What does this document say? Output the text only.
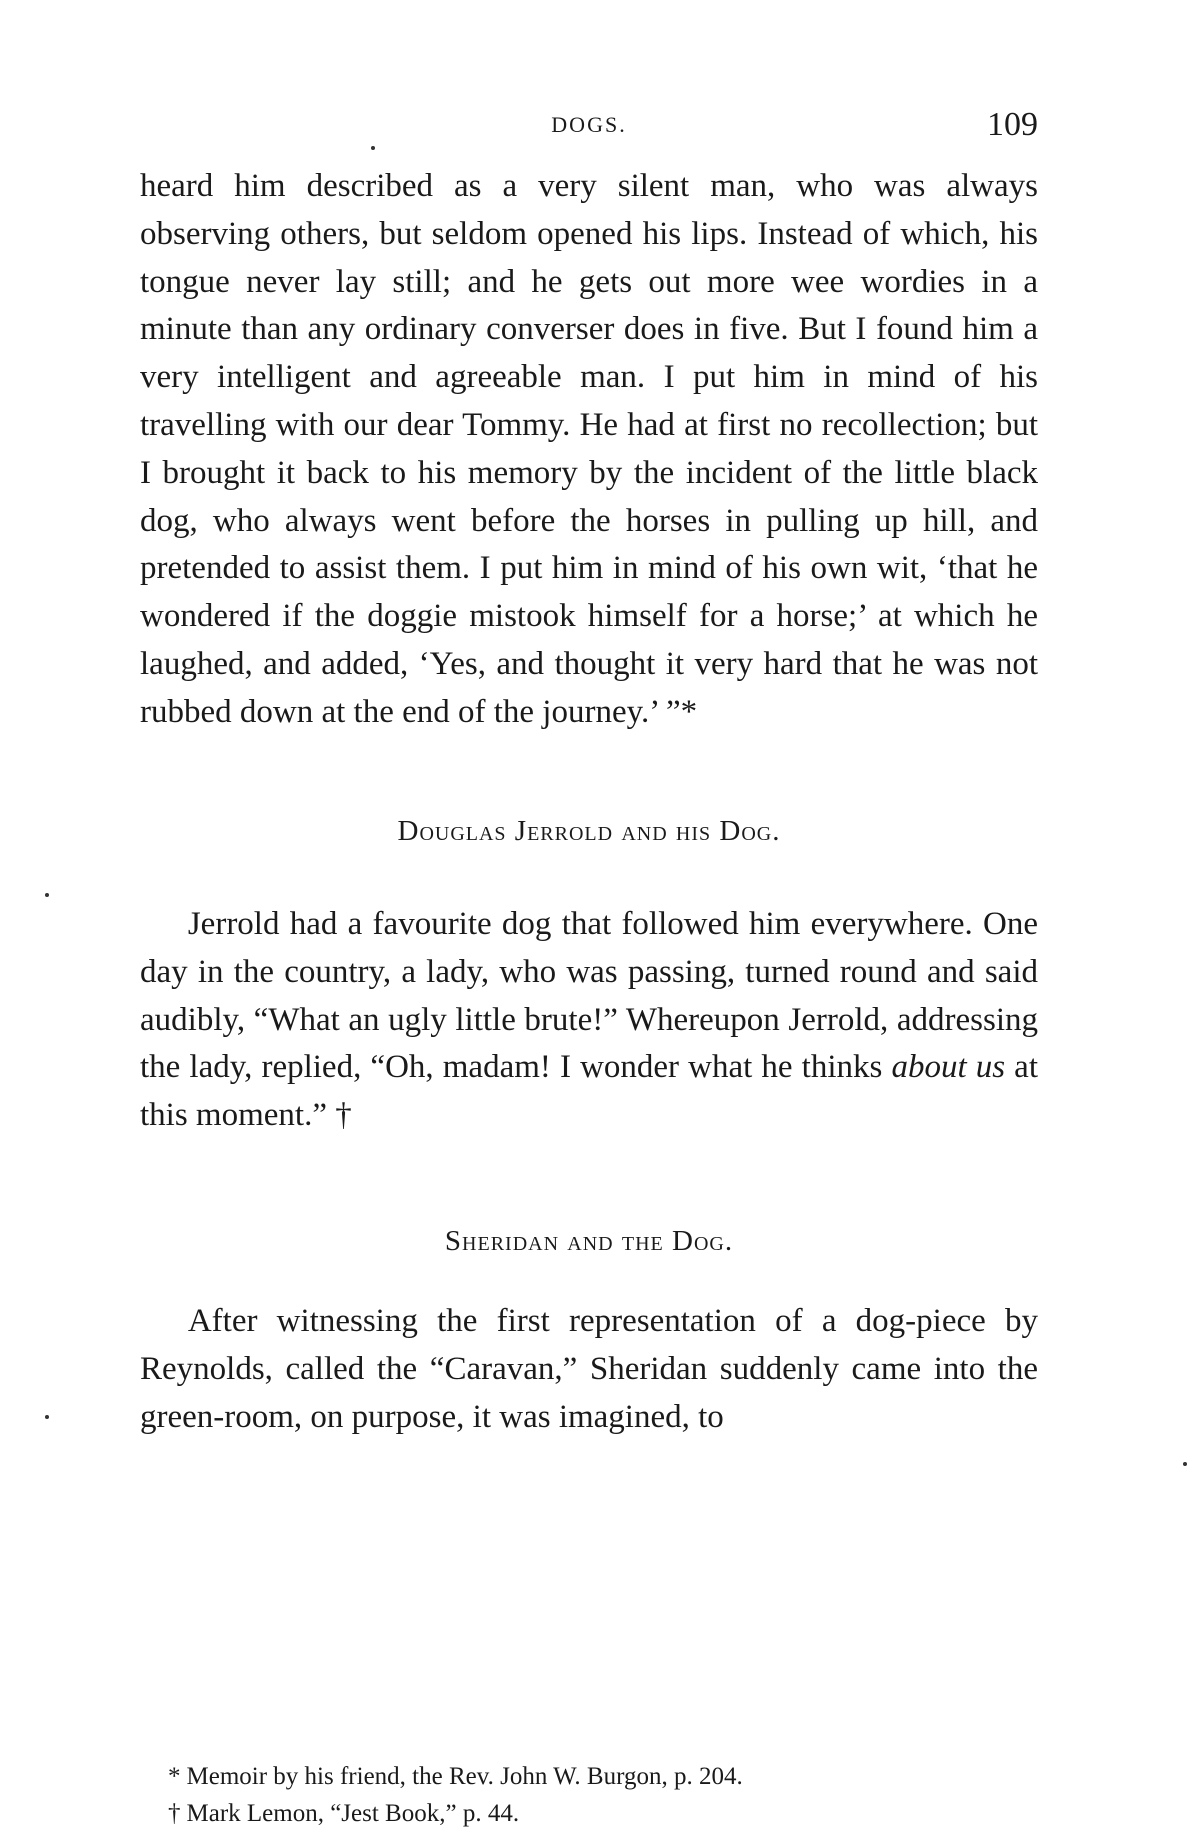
DOGS.	109

heard him described as a very silent man, who was always observing others, but seldom opened his lips. Instead of which, his tongue never lay still; and he gets out more wee wordies in a minute than any ordinary converser does in five. But I found him a very intelligent and agreeable man. I put him in mind of his travelling with our dear Tommy. He had at first no recollection; but I brought it back to his memory by the incident of the little black dog, who always went before the horses in pulling up hill, and pretended to assist them. I put him in mind of his own wit, ‘that he wondered if the doggie mistook himself for a horse;’ at which he laughed, and added, ‘Yes, and thought it very hard that he was not rubbed down at the end of the journey.’ ”*

Douglas Jerrold and his Dog.

Jerrold had a favourite dog that followed him everywhere. One day in the country, a lady, who was passing, turned round and said audibly, “What an ugly little brute!” Whereupon Jerrold, addressing the lady, replied, “Oh, madam! I wonder what he thinks about us at this moment.” †

Sheridan and the Dog.

After witnessing the first representation of a dog-piece by Reynolds, called the “Caravan,” Sheridan suddenly came into the green-room, on purpose, it was imagined, to

* Memoir by his friend, the Rev. John W. Burgon, p. 204.
† Mark Lemon, “Jest Book,” p. 44.
